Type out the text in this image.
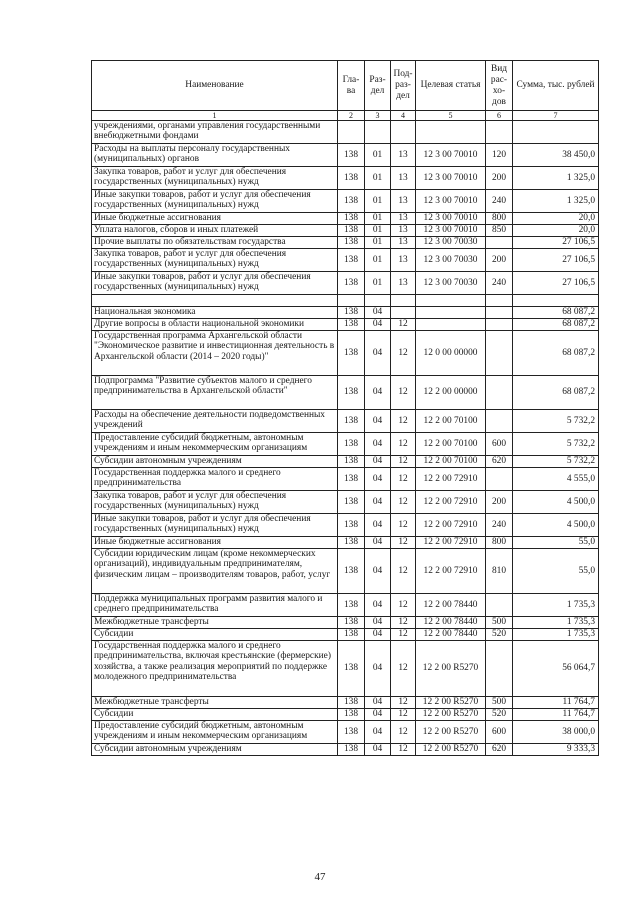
Наименование	Гла-ва	Раз-дел	Под-раз-дел	Целевая статья	Вид рас-хо-дов	Сумма, тыс. рублей
1	2	3	4	5	6	7
учреждениями, органами управления государственными внебюджетными фондами						
Расходы на выплаты персоналу государственных (муниципальных) органов	138	01	13	12 3 00 70010	120	38 450,0
Закупка товаров, работ и услуг для обеспечения государственных (муниципальных) нужд	138	01	13	12 3 00 70010	200	1 325,0
Иные закупки товаров, работ и услуг для обеспечения государственных (муниципальных) нужд	138	01	13	12 3 00 70010	240	1 325,0
Иные бюджетные ассигнования	138	01	13	12 3 00 70010	800	20,0
Уплата налогов, сборов и иных платежей	138	01	13	12 3 00 70010	850	20,0
Прочие выплаты по обязательствам государства	138	01	13	12 3 00 70030		27 106,5
Закупка товаров, работ и услуг для обеспечения государственных (муниципальных) нужд	138	01	13	12 3 00 70030	200	27 106,5
Иные закупки товаров, работ и услуг для обеспечения государственных (муниципальных) нужд	138	01	13	12 3 00 70030	240	27 106,5

Национальная экономика	138	04				68 087,2
Другие вопросы в области национальной экономики	138	04	12			68 087,2
Государственная программа Архангельской области "Экономическое развитие и инвестиционная деятельность в Архангельской области (2014 – 2020 годы)"	138	04	12	12 0 00 00000		68 087,2
Подпрограмма "Развитие субъектов малого и среднего предпринимательства в Архангельской области"	138	04	12	12 2 00 00000		68 087,2
Расходы на обеспечение деятельности подведомственных учреждений	138	04	12	12 2 00 70100		5 732,2
Предоставление субсидий бюджетным, автономным учреждениям и иным некоммерческим организациям	138	04	12	12 2 00 70100	600	5 732,2
Субсидии автономным учреждениям	138	04	12	12 2 00 70100	620	5 732,2
Государственная поддержка малого и среднего предпринимательства	138	04	12	12 2 00 72910		4 555,0
Закупка товаров, работ и услуг для обеспечения государственных (муниципальных) нужд	138	04	12	12 2 00 72910	200	4 500,0
Иные закупки товаров, работ и услуг для обеспечения государственных (муниципальных) нужд	138	04	12	12 2 00 72910	240	4 500,0
Иные бюджетные ассигнования	138	04	12	12 2 00 72910	800	55,0
Субсидии юридическим лицам (кроме некоммерческих организаций), индивидуальным предпринимателям, физическим лицам – производителям товаров, работ, услуг	138	04	12	12 2 00 72910	810	55,0
Поддержка муниципальных программ развития малого и среднего предпринимательства	138	04	12	12 2 00 78440		1 735,3
Межбюджетные трансферты	138	04	12	12 2 00 78440	500	1 735,3
Субсидии	138	04	12	12 2 00 78440	520	1 735,3
Государственная поддержка малого и среднего предпринимательства, включая крестьянские (фермерские) хозяйства, а также реализация мероприятий по поддержке молодежного предпринимательства	138	04	12	12 2 00 R5270		56 064,7
Межбюджетные трансферты	138	04	12	12 2 00 R5270	500	11 764,7
Субсидии	138	04	12	12 2 00 R5270	520	11 764,7
Предоставление субсидий бюджетным, автономным учреждениям и иным некоммерческим организациям	138	04	12	12 2 00 R5270	600	38 000,0
Субсидии автономным учреждениям	138	04	12	12 2 00 R5270	620	9 333,3
47
